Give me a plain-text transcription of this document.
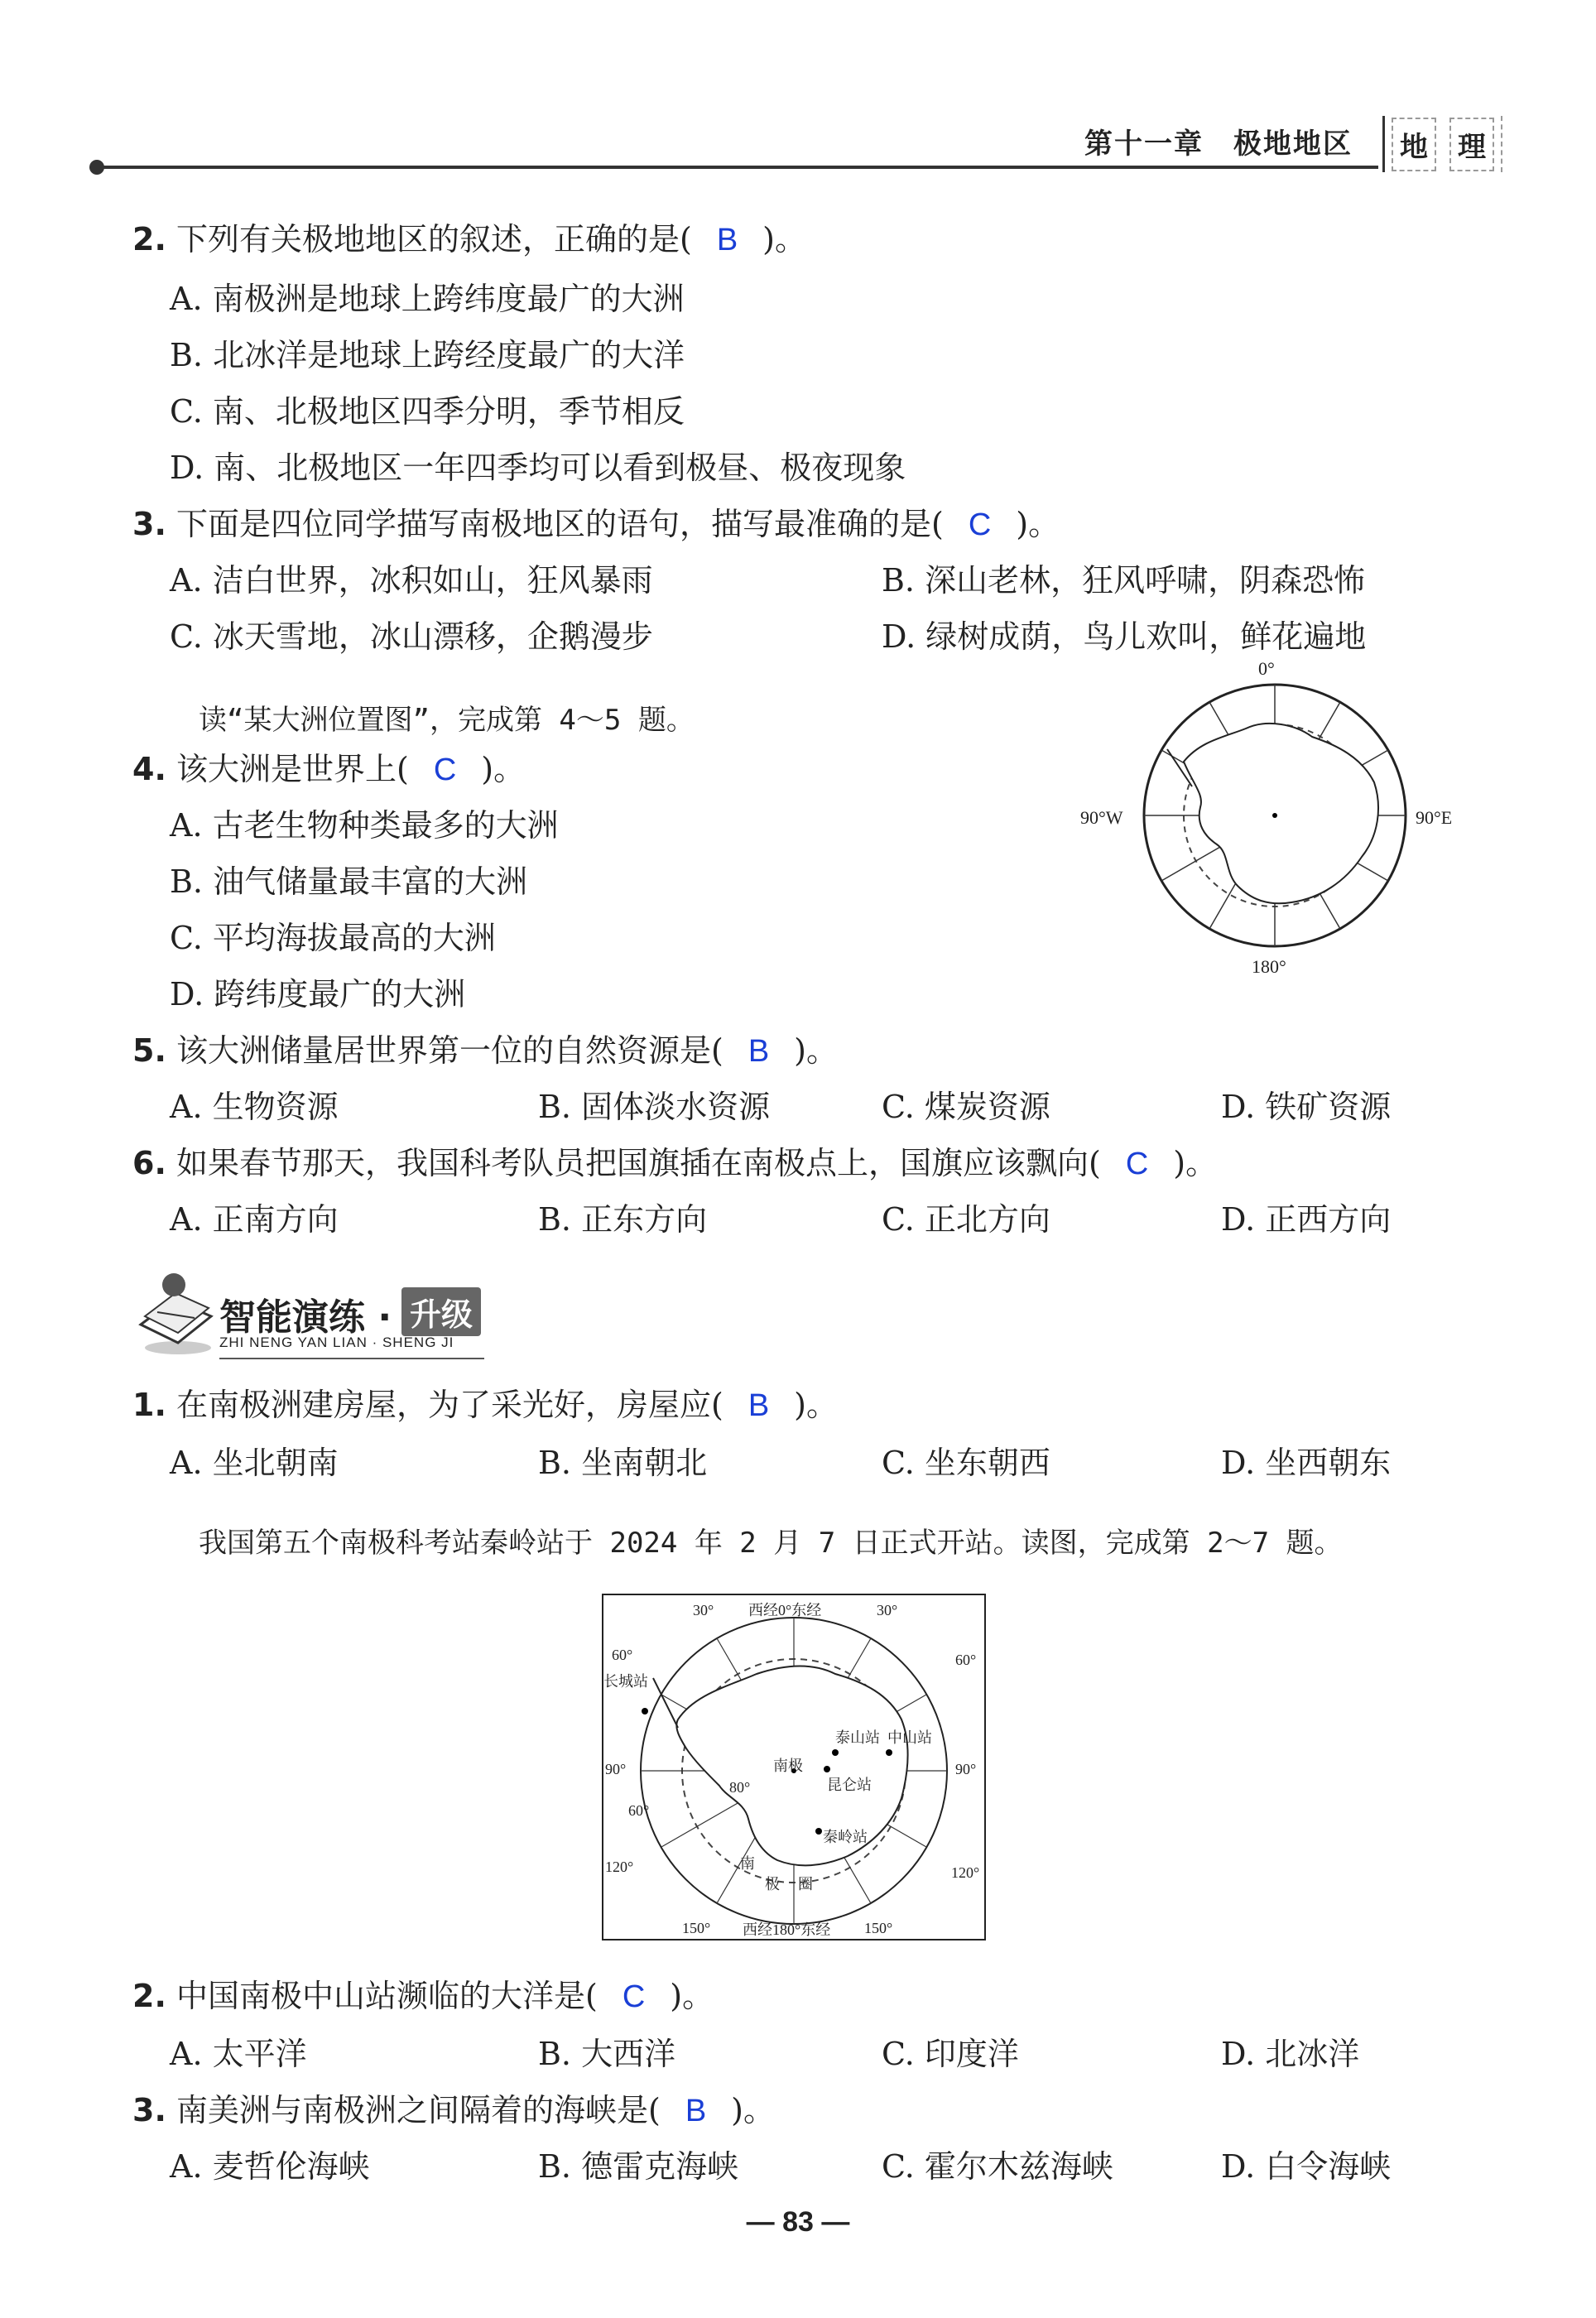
第十一章　极地地区 地 理
2. 下列有关极地地区的叙述，正确的是( B )。
A. 南极洲是地球上跨纬度最广的大洲
B. 北冰洋是地球上跨经度最广的大洋
C. 南、北极地区四季分明，季节相反
D. 南、北极地区一年四季均可以看到极昼、极夜现象
3. 下面是四位同学描写南极地区的语句，描写最准确的是( C )。
A. 洁白世界，冰积如山，狂风暴雨	B. 深山老林，狂风呼啸，阴森恐怖
C. 冰天雪地，冰山漂移，企鹅漫步	D. 绿树成荫，鸟儿欢叫，鲜花遍地
读“某大洲位置图”，完成第 4～5 题。
0°
90°W	90°E
180°
4. 该大洲是世界上( C )。
A. 古老生物种类最多的大洲
B. 油气储量最丰富的大洲
C. 平均海拔最高的大洲
D. 跨纬度最广的大洲
5. 该大洲储量居世界第一位的自然资源是( B )。
A. 生物资源	B. 固体淡水资源	C. 煤炭资源	D. 铁矿资源
6. 如果春节那天，我国科考队员把国旗插在南极点上，国旗应该飘向( C )。
A. 正南方向	B. 正东方向	C. 正北方向	D. 正西方向
智能演练 · 升级
ZHI NENG YAN LIAN · SHENG JI
1. 在南极洲建房屋，为了采光好，房屋应( B )。
A. 坐北朝南	B. 坐南朝北	C. 坐东朝西	D. 坐西朝东
我国第五个南极科考站秦岭站于 2024 年 2 月 7 日正式开站。读图，完成第 2～7 题。
西经0°东经
西经180°东经
30°	30°
60°	60°
90°	90°
60°
120°	120°
150°	150°
80°
长城站
泰山站 中山站
昆仑站
秦岭站
南极
南
极 圈
2. 中国南极中山站濒临的大洋是( C )。
A. 太平洋	B. 大西洋	C. 印度洋	D. 北冰洋
3. 南美洲与南极洲之间隔着的海峡是( B )。
A. 麦哲伦海峡	B. 德雷克海峡	C. 霍尔木兹海峡	D. 白令海峡
— 83 —
